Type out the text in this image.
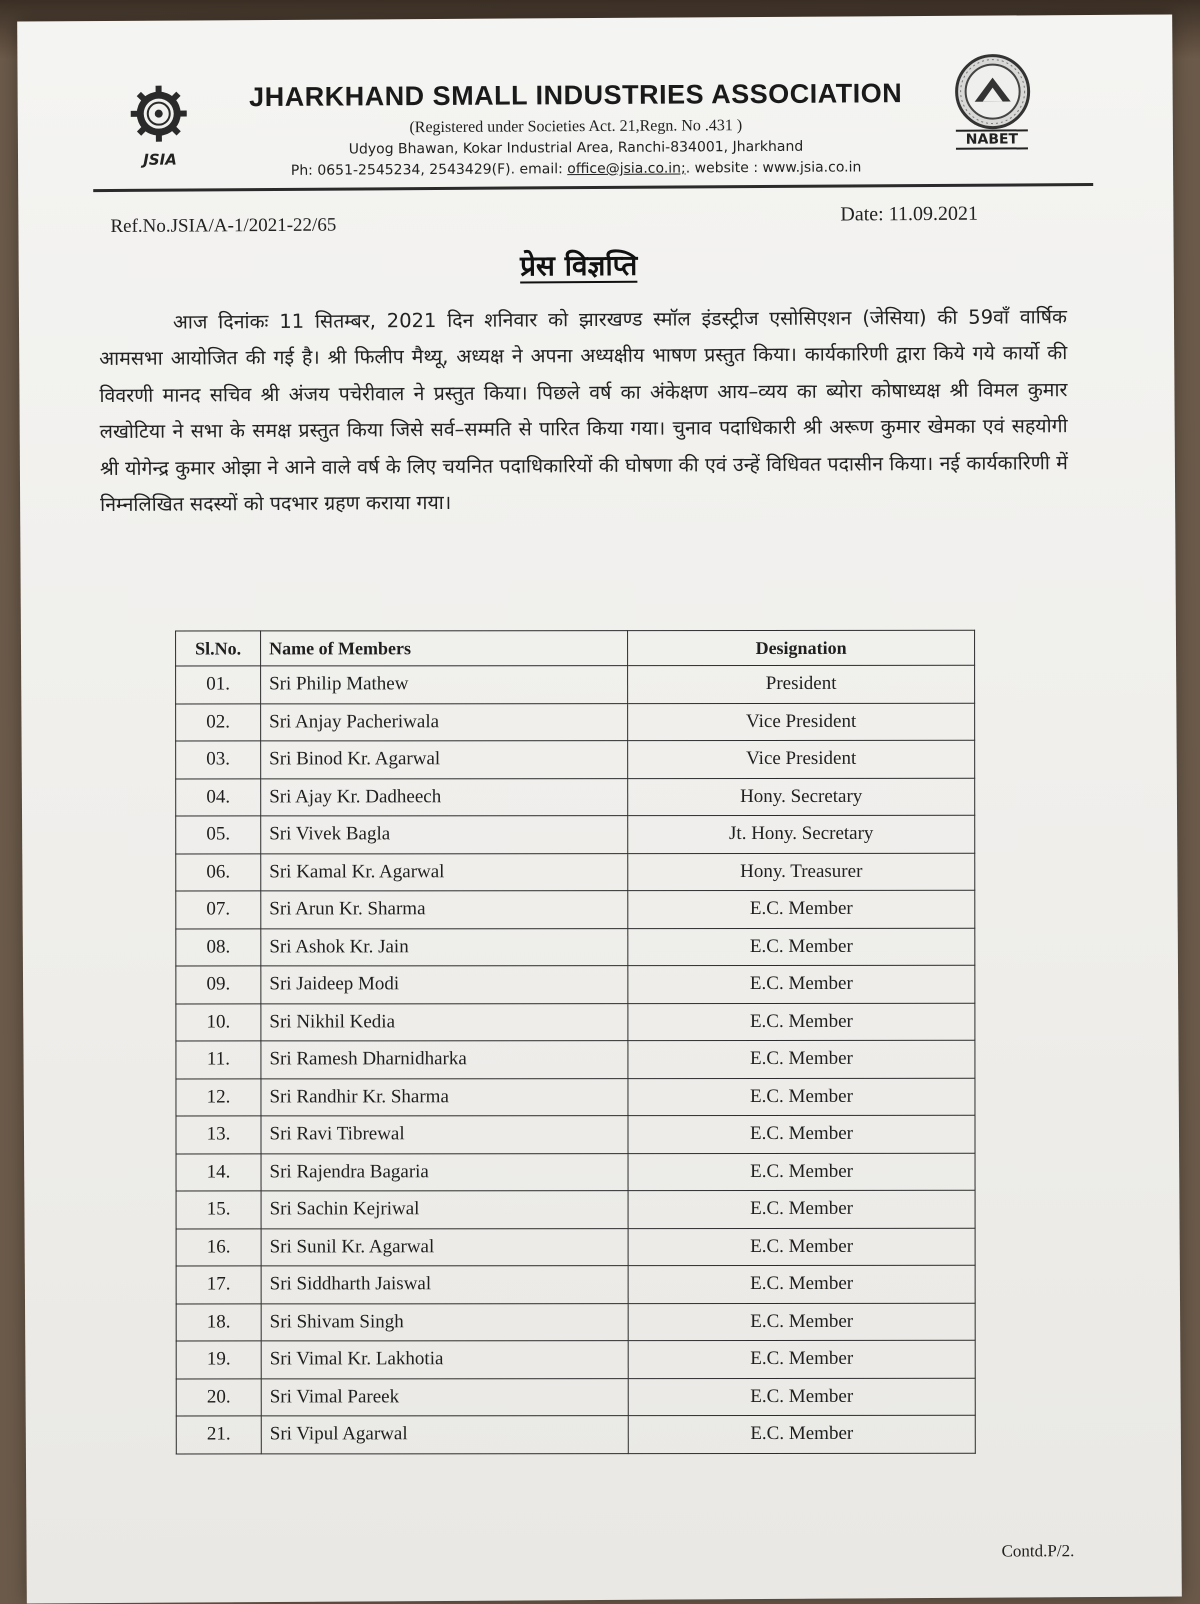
JSIA
JHARKHAND SMALL INDUSTRIES ASSOCIATION
(Registered under Societies Act. 21,Regn. No .431 )
Udyog Bhawan, Kokar Industrial Area, Ranchi-834001, Jharkhand
Ph: 0651-2545234, 2543429(F). email: office@jsia.co.in;. website : www.jsia.co.in
NABET
Ref.No.JSIA/A-1/2021-22/65
Date: 11.09.2021
प्रेस विज्ञप्ति
आज दिनांकः 11 सितम्बर, 2021 दिन शनिवार को झारखण्ड स्मॉल इंडस्ट्रीज एसोसिएशन (जेसिया) की 59वॉं वार्षिक आमसभा आयोजित की गई है। श्री फिलीप मैथ्यू, अध्यक्ष ने अपना अध्यक्षीय भाषण प्रस्तुत किया। कार्यकारिणी द्वारा किये गये कार्यो की विवरणी मानद सचिव श्री अंजय पचेरीवाल ने प्रस्तुत किया। पिछले वर्ष का अंकेक्षण आय–व्यय का ब्योरा कोषाध्यक्ष श्री विमल कुमार लखोटिया ने सभा के समक्ष प्रस्तुत किया जिसे सर्व–सम्मति से पारित किया गया। चुनाव पदाधिकारी श्री अरूण कुमार खेमका एवं सहयोगी श्री योगेन्द्र कुमार ओझा ने आने वाले वर्ष के लिए चयनित पदाधिकारियों की घोषणा की एवं उन्हें विधिवत पदासीन किया। नई कार्यकारिणी में निम्नलिखित सदस्यों को पदभार ग्रहण कराया गया।
Sl.No.	Name of Members	Designation
01.	Sri Philip Mathew	President
02.	Sri Anjay Pacheriwala	Vice President
03.	Sri Binod Kr. Agarwal	Vice President
04.	Sri Ajay Kr. Dadheech	Hony. Secretary
05.	Sri Vivek Bagla	Jt. Hony. Secretary
06.	Sri Kamal Kr. Agarwal	Hony. Treasurer
07.	Sri Arun Kr. Sharma	E.C. Member
08.	Sri Ashok Kr. Jain	E.C. Member
09.	Sri Jaideep Modi	E.C. Member
10.	Sri Nikhil Kedia	E.C. Member
11.	Sri Ramesh Dharnidharka	E.C. Member
12.	Sri Randhir Kr. Sharma	E.C. Member
13.	Sri Ravi Tibrewal	E.C. Member
14.	Sri Rajendra Bagaria	E.C. Member
15.	Sri Sachin Kejriwal	E.C. Member
16.	Sri Sunil Kr. Agarwal	E.C. Member
17.	Sri Siddharth Jaiswal	E.C. Member
18.	Sri Shivam Singh	E.C. Member
19.	Sri Vimal Kr. Lakhotia	E.C. Member
20.	Sri Vimal Pareek	E.C. Member
21.	Sri Vipul Agarwal	E.C. Member
Contd.P/2.
